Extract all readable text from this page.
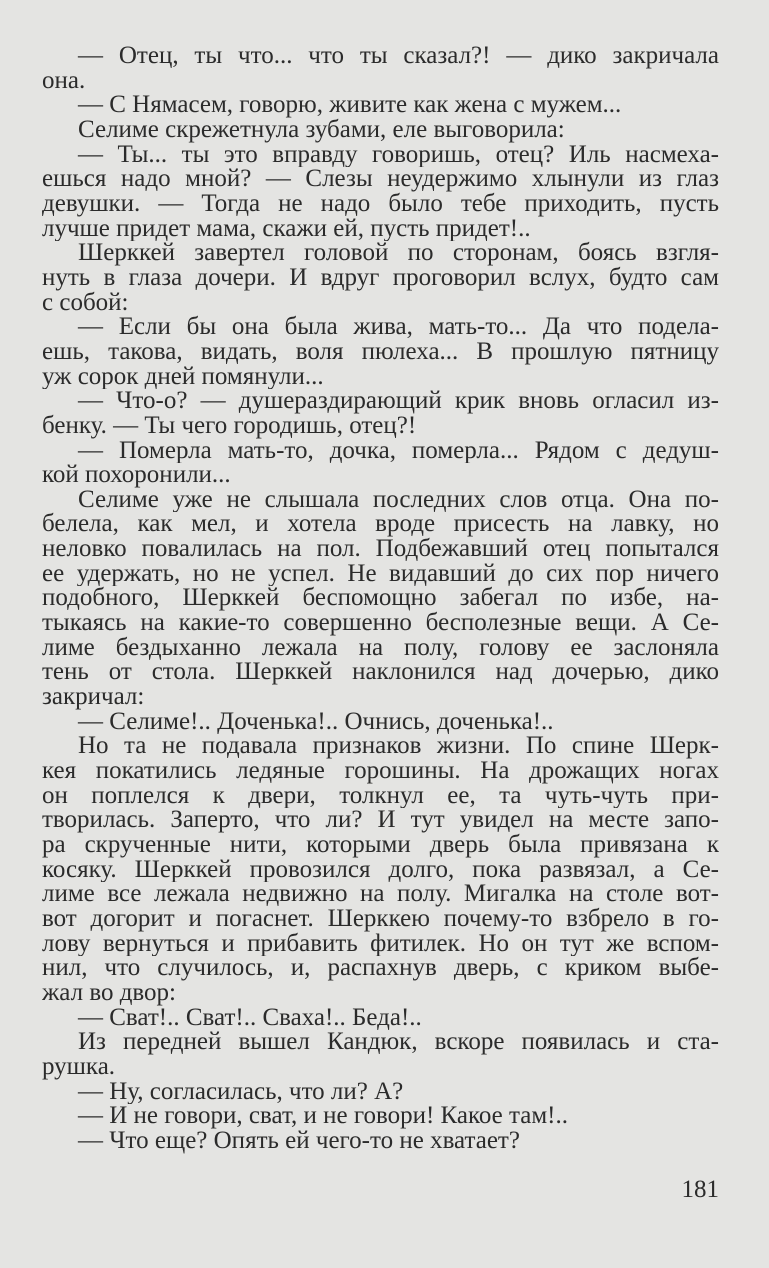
— Отец, ты что... что ты сказал?! — дико закричала
она.
— С Нямасем, говорю, живите как жена с мужем...
Селиме скрежетнула зубами, еле выговорила:
— Ты... ты это вправду говоришь, отец? Иль насмеха-
ешься надо мной? — Слезы неудержимо хлынули из глаз
девушки. — Тогда не надо было тебе приходить, пусть
лучше придет мама, скажи ей, пусть придет!..
Шерккей завертел головой по сторонам, боясь взгля-
нуть в глаза дочери. И вдруг проговорил вслух, будто сам
с собой:
— Если бы она была жива, мать-то... Да что подела-
ешь, такова, видать, воля пюлеха... В прошлую пятницу
уж сорок дней помянули...
— Что-о? — душераздирающий крик вновь огласил из-
бенку. — Ты чего городишь, отец?!
— Померла мать-то, дочка, померла... Рядом с дедуш-
кой похоронили...
Селиме уже не слышала последних слов отца. Она по-
белела, как мел, и хотела вроде присесть на лавку, но
неловко повалилась на пол. Подбежавший отец попытался
ее удержать, но не успел. Не видавший до сих пор ничего
подобного, Шерккей беспомощно забегал по избе, на-
тыкаясь на какие-то совершенно бесполезные вещи. А Се-
лиме бездыханно лежала на полу, голову ее заслоняла
тень от стола. Шерккей наклонился над дочерью, дико
закричал:
— Селиме!.. Доченька!.. Очнись, доченька!..
Но та не подавала признаков жизни. По спине Шерк-
кея покатились ледяные горошины. На дрожащих ногах
он поплелся к двери, толкнул ее, та чуть-чуть при-
творилась. Заперто, что ли? И тут увидел на месте запо-
ра скрученные нити, которыми дверь была привязана к
косяку. Шерккей провозился долго, пока развязал, а Се-
лиме все лежала недвижно на полу. Мигалка на столе вот-
вот догорит и погаснет. Шерккею почему-то взбрело в го-
лову вернуться и прибавить фитилек. Но он тут же вспом-
нил, что случилось, и, распахнув дверь, с криком выбе-
жал во двор:
— Сват!.. Сват!.. Сваха!.. Беда!..
Из передней вышел Кандюк, вскоре появилась и ста-
рушка.
— Ну, согласилась, что ли? А?
— И не говори, сват, и не говори! Какое там!..
— Что еще? Опять ей чего-то не хватает?
181
